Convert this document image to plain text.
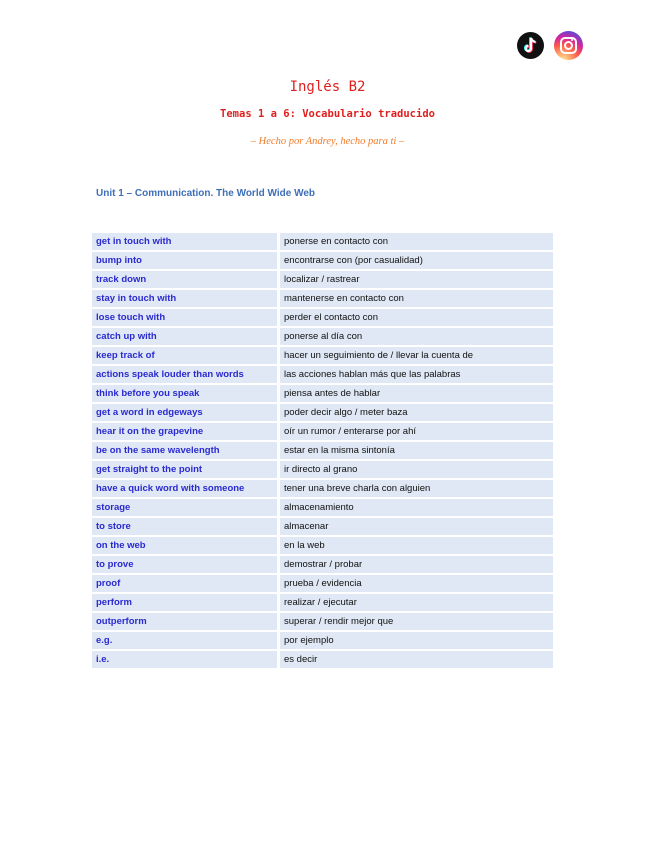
Inglés B2
Temas 1 a 6: Vocabulario traducido
– Hecho por Andrey, hecho para ti –
Unit 1 – Communication. The World Wide Web
get in touch with	ponerse en contacto con
bump into	encontrarse con (por casualidad)
track down	localizar / rastrear
stay in touch with	mantenerse en contacto con
lose touch with	perder el contacto con
catch up with	ponerse al día con
keep track of	hacer un seguimiento de / llevar la cuenta de
actions speak louder than words	las acciones hablan más que las palabras
think before you speak	piensa antes de hablar
get a word in edgeways	poder decir algo / meter baza
hear it on the grapevine	oír un rumor / enterarse por ahí
be on the same wavelength	estar en la misma sintonía
get straight to the point	ir directo al grano
have a quick word with someone	tener una breve charla con alguien
storage	almacenamiento
to store	almacenar
on the web	en la web
to prove	demostrar / probar
proof	prueba / evidencia
perform	realizar / ejecutar
outperform	superar / rendir mejor que
e.g.	por ejemplo
i.e.	es decir
